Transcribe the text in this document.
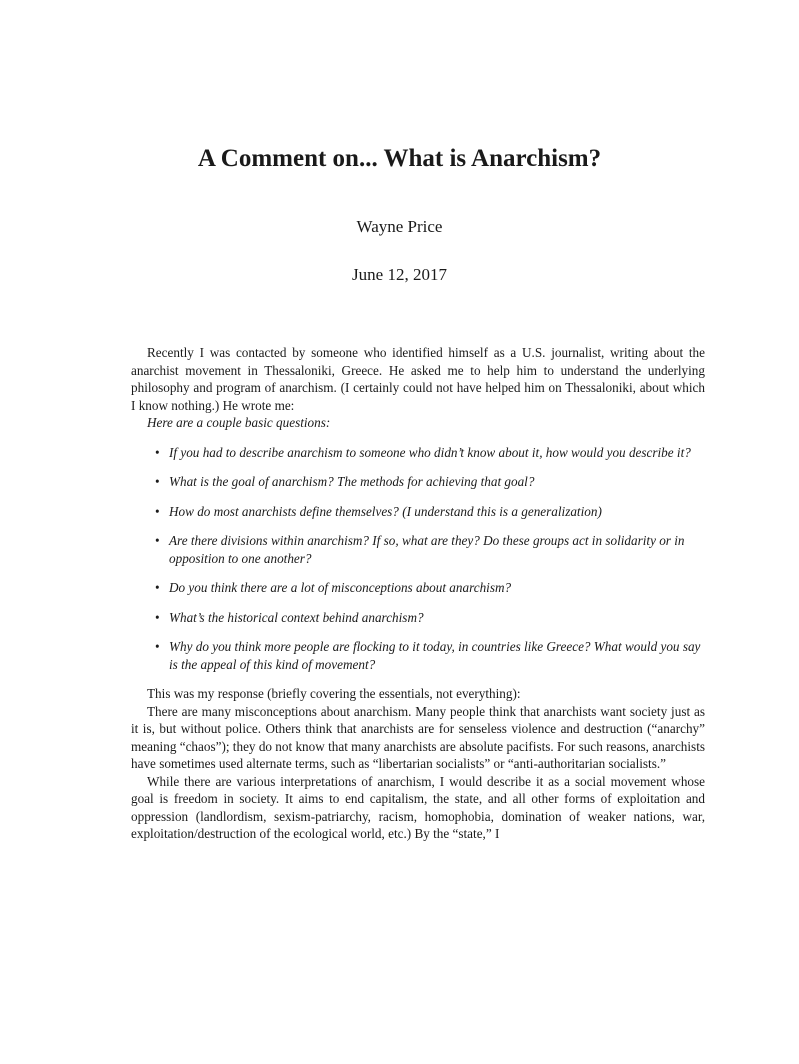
A Comment on... What is Anarchism?
Wayne Price
June 12, 2017

Recently I was contacted by someone who identified himself as a U.S. journalist, writing about the anarchist movement in Thessaloniki, Greece. He asked me to help him to understand the underlying philosophy and program of anarchism. (I certainly could not have helped him on Thessaloniki, about which I know nothing.) He wrote me:

Here are a couple basic questions:

• If you had to describe anarchism to someone who didn’t know about it, how would you describe it?
• What is the goal of anarchism? The methods for achieving that goal?
• How do most anarchists define themselves? (I understand this is a generalization)
• Are there divisions within anarchism? If so, what are they? Do these groups act in solidarity or in opposition to one another?
• Do you think there are a lot of misconceptions about anarchism?
• What’s the historical context behind anarchism?
• Why do you think more people are flocking to it today, in countries like Greece? What would you say is the appeal of this kind of movement?

This was my response (briefly covering the essentials, not everything):

There are many misconceptions about anarchism. Many people think that anarchists want society just as it is, but without police. Others think that anarchists are for senseless violence and destruction (“anarchy” meaning “chaos”); they do not know that many anarchists are absolute pacifists. For such reasons, anarchists have sometimes used alternate terms, such as “libertarian socialists” or “anti-authoritarian socialists.”

While there are various interpretations of anarchism, I would describe it as a social movement whose goal is freedom in society. It aims to end capitalism, the state, and all other forms of exploitation and oppression (landlordism, sexism-patriarchy, racism, homophobia, domination of weaker nations, war, exploitation/destruction of the ecological world, etc.) By the “state,” I
